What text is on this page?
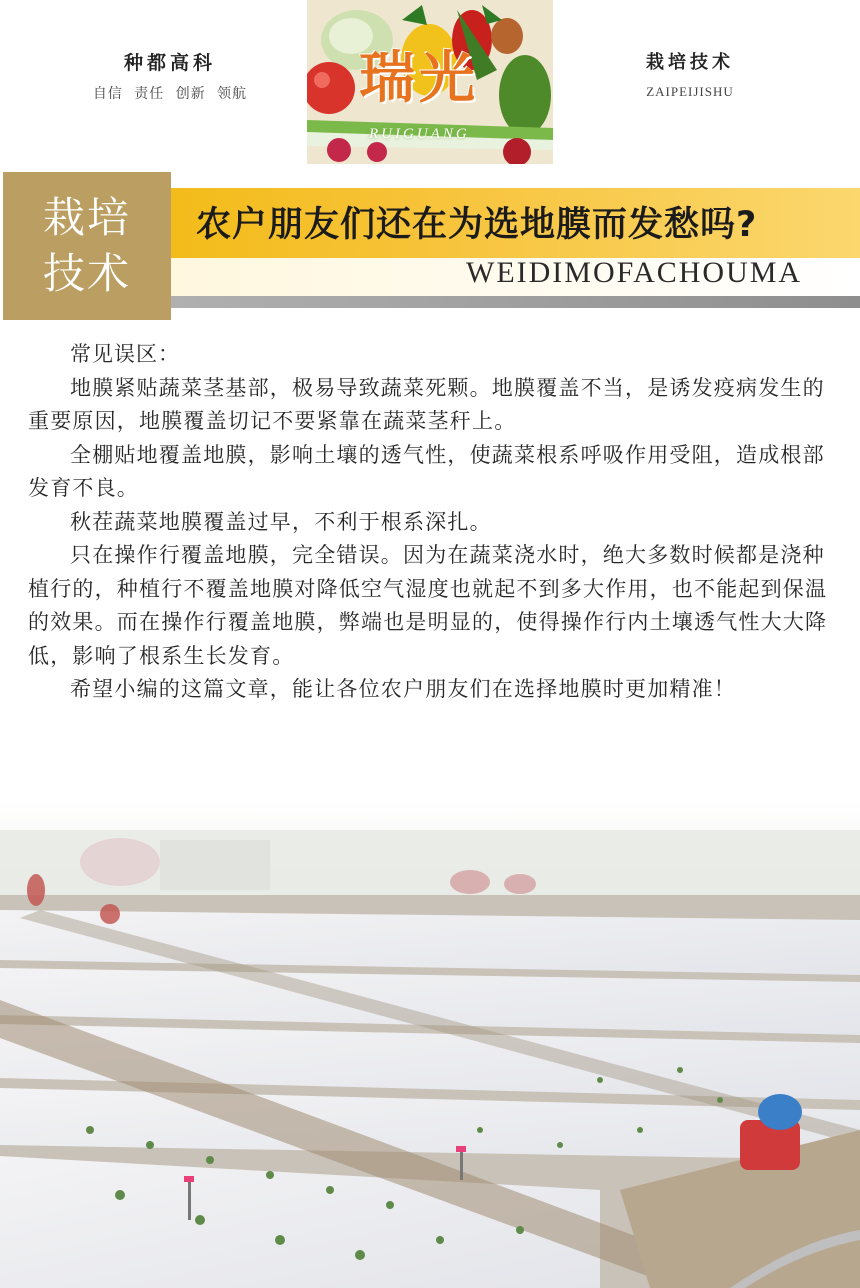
种都高科
自信 责任 创新 领航	瑞光
RUIGUANG
栽培技术
ZAIPEIJISHU
栽培
技术
农户朋友们还在为选地膜而发愁吗?
WEIDIMOFACHOUMA

常见误区：

地膜紧贴蔬菜茎基部，极易导致蔬菜死颗。地膜覆盖不当，是诱发疫病发生的重要原因，地膜覆盖切记不要紧靠在蔬菜茎秆上。

全棚贴地覆盖地膜，影响土壤的透气性，使蔬菜根系呼吸作用受阻，造成根部发育不良。

秋茬蔬菜地膜覆盖过早，不利于根系深扎。

只在操作行覆盖地膜，完全错误。因为在蔬菜浇水时，绝大多数时候都是浇种植行的，种植行不覆盖地膜对降低空气湿度也就起不到多大作用，也不能起到保温的效果。而在操作行覆盖地膜，弊端也是明显的，使得操作行内土壤透气性大大降低，影响了根系生长发育。

希望小编的这篇文章，能让各位农户朋友们在选择地膜时更加精准！
